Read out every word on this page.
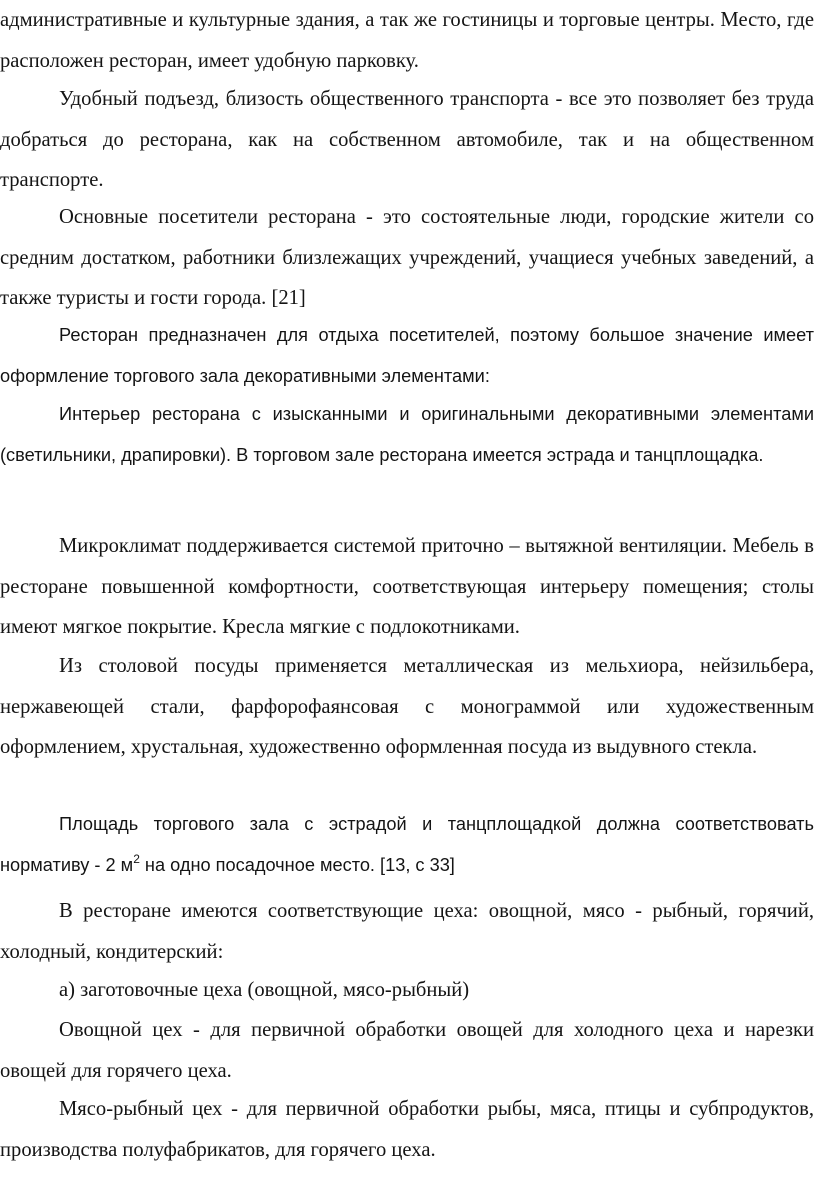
административные и культурные здания, а так же гостиницы и торговые центры. Место, где расположен ресторан, имеет удобную парковку.

Удобный подъезд, близость общественного транспорта - все это позволяет без труда добраться до ресторана, как на собственном автомобиле, так и на общественном транспорте.

Основные посетители ресторана - это состоятельные люди, городские жители со средним достатком, работники близлежащих учреждений, учащиеся учебных заведений, а также туристы и гости города. [21]

Ресторан предназначен для отдыха посетителей, поэтому большое значение имеет оформление торгового зала декоративными элементами:

Интерьер ресторана с изысканными и оригинальными декоративными элементами (светильники, драпировки). В торговом зале ресторана имеется эстрада и танцплощадка.

Микроклимат поддерживается системой приточно – вытяжной вентиляции. Мебель в ресторане повышенной комфортности, соответствующая интерьеру помещения; столы имеют мягкое покрытие. Кресла мягкие с подлокотниками.

Из столовой посуды применяется металлическая из мельхиора, нейзильбера, нержавеющей стали, фарфорофаянсовая с монограммой или художественным оформлением, хрустальная, художественно оформленная посуда из выдувного стекла.

Площадь торгового зала с эстрадой и танцплощадкой должна соответствовать нормативу - 2 $м^2$ на одно посадочное место. [13, с 33]

В ресторане имеются соответствующие цеха: овощной, мясо - рыбный, горячий, холодный, кондитерский:

а) заготовочные цеха (овощной, мясо-рыбный)

Овощной цех - для первичной обработки овощей для холодного цеха и нарезки овощей для горячего цеха.

Мясо-рыбный цех - для первичной обработки рыбы, мяса, птицы и субпродуктов, производства полуфабрикатов, для горячего цеха.
